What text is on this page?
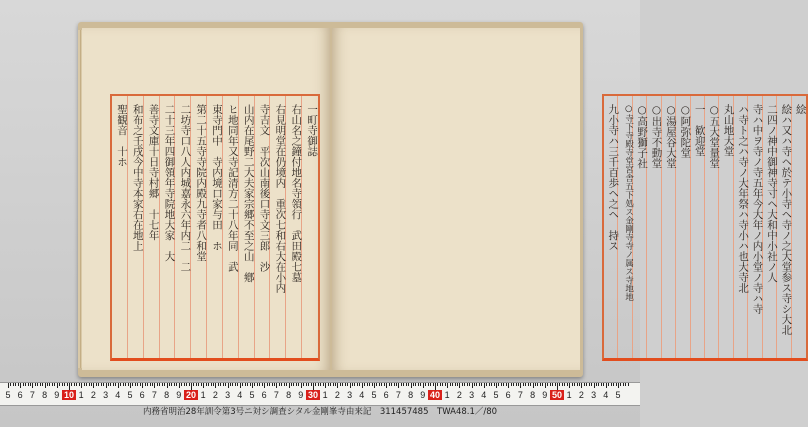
一町寺御誌
右山名之鐘付地名寺領行　武田殿七墓
右見明堂在仍境内　重次七和右大在小内
寺吉文　平次山南後口寺文三郎　沙
山内在尾野二大夫家宗郷不至之山　鄕
ヒ地同年又寺記清方二十八年同　武
東寺門中　寺内境口家与田　ホ
第二十五寺寺院内殿九寺者八和堂
二坊寺口八人内城嘉永六年内二　二
二十三年四御領年寺院地大家　大
善寺文庫十日寺村郷　十七年
和布之壬戌今中寺本家右在地上
聖観音　十ホ	絵
絵ハ又ハ寺ヘ於テ小寺ヘ寺ノ之大堂参ス寺シ大北
二四ノ神中御神寺寸ヘ大和中小社ノ人
寺ハ中ヲ寺ノ寺五年今大年ノ内小堂ノ寺ハ寺
ハ寺ト之ハ寺ノ大年祭ハ寺小ハ也大寺北
丸山地大堂
○五大堂量堂
一　歓迎堂
○阿弥陀堂
○湯屋谷大堂
○出寺不動堂
○高野獅子社
○寺下寺殿寺堂宮舎五下処ス金剛寺寺ノ属ス寺地地
九小寺ハ三千百歩ヘ之ヘ　持ス
5 6 7 8 9 10 1 2 3 4 5 6 7 8 9 20 1 2 3 4 5 6 7 8 9 30 1 2 3 4 5 6 7 8 9 40 1 2 3 4 5 6 7 8 9 50 1 2 3 4 5
内務省明治28年訓令第3号ニ対シ調査シタル金剛峯寺由来記　311457485　TWA48.1／/80
